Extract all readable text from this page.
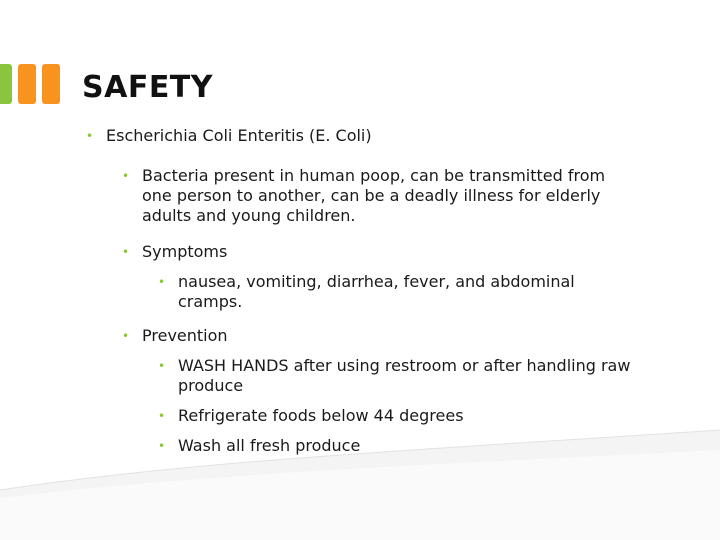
SAFETY
• Escherichia Coli Enteritis (E. Coli)
• Bacteria present in human poop, can be transmitted from one person to another, can be a deadly illness for elderly adults and young children.
• Symptoms
• nausea, vomiting, diarrhea, fever, and abdominal cramps.
• Prevention
• WASH HANDS after using restroom or after handling raw produce
• Refrigerate foods below 44 degrees
• Wash all fresh produce
